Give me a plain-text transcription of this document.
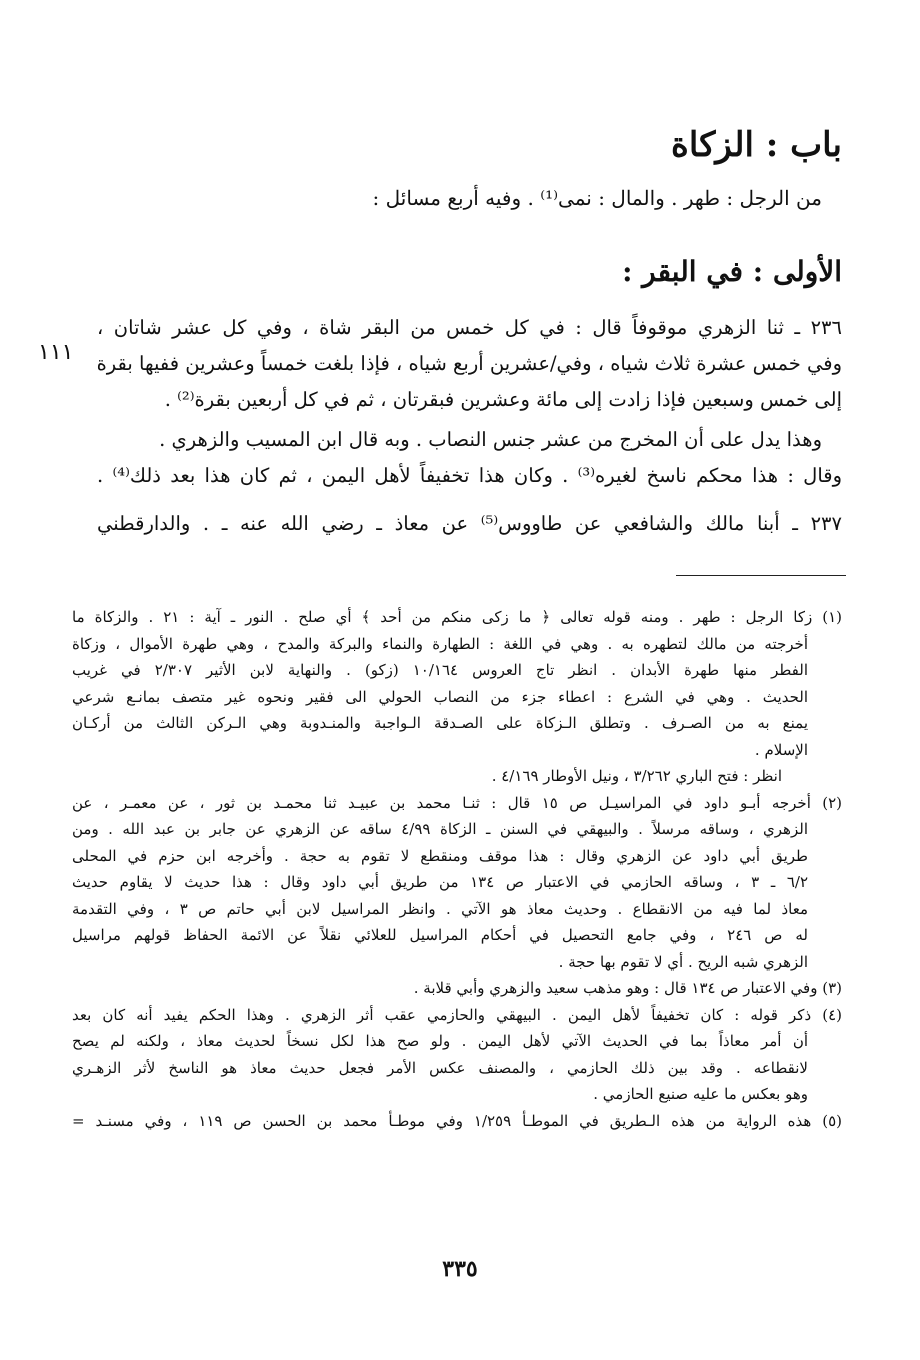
باب : الزكاة
من الرجل : طهر . والمال : نمى⁽¹⁾ . وفيه أربع مسائل :
الأولى : في البقر :
١١١
٢٣٦ ـ ثنا الزهري موقوفاً قال : في كل خمس من البقر شاة ، وفي كل عشر شاتان ،
وفي خمس عشرة ثلاث شياه ، وفي/عشرين أربع شياه ، فإذا بلغت خمساً وعشرين ففيها بقرة
إلى خمس وسبعين فإذا زادت إلى مائة وعشرين فبقرتان ، ثم في كل أربعين بقرة⁽²⁾ .
وهذا يدل على أن المخرج من عشر جنس النصاب . وبه قال ابن المسيب والزهري .
وقال : هذا محكم ناسخ لغيره⁽³⁾ . وكان هذا تخفيفاً لأهل اليمن ، ثم كان هذا بعد ذلك⁽⁴⁾ .
٢٣٧ ـ أبنا مالك والشافعي عن طاووس⁽⁵⁾ عن معاذ ـ رضي الله عنه ـ . والدارقطني
(١) زكا الرجل : طهر . ومنه قوله تعالى ﴿ ما زكى منكم من أحد ﴾ أي صلح . النور ـ آية : ٢١ . والزكاة ما
أخرجته من مالك لتطهره به . وهي في اللغة : الطهارة والنماء والبركة والمدح ، وهي طهرة الأموال ، وزكاة
الفطر منها طهرة الأبدان . انظر تاج العروس ١٠/١٦٤ (زكو) . والنهاية لابن الأثير ٢/٣٠٧ في غريب
الحديث . وهي في الشرع : اعطاء جزء من النصاب الحولي الى فقير ونحوه غير متصف بمانـع شرعي
يمنع به من الصـرف . وتطلق الـزكاة على الصـدقة الـواجبة والمنـدوبة وهي الـركن الثالث من أركـان
الإسلام .
انظر : فتح الباري ٣/٢٦٢ ، ونيل الأوطار ٤/١٦٩ .
(٢) أخرجه أبـو داود في المراسيـل ص ١٥ قال : ثنـا محمد بن عبيـد ثنا محمـد بن ثور ، عن معمـر ، عن
الزهري ، وساقه مرسلاً . والبيهقي في السنن ـ الزكاة ٤/٩٩ ساقه عن الزهري عن جابر بن عبد الله . ومن
طريق أبي داود عن الزهري وقال : هذا موقف ومنقطع لا تقوم به حجة . وأخرجه ابن حزم في المحلى
٦/٢ ـ ٣ ، وساقه الحازمي في الاعتبار ص ١٣٤ من طريق أبي داود وقال : هذا حديث لا يقاوم حديث
معاذ لما فيه من الانقطاع . وحديث معاذ هو الآتي . وانظر المراسيل لابن أبي حاتم ص ٣ ، وفي التقدمة
له ص ٢٤٦ ، وفي جامع التحصيل في أحكام المراسيل للعلائي نقلاً عن الائمة الحفاظ قولهم مراسيل
الزهري شبه الريح . أي لا تقوم بها حجة .
(٣) وفي الاعتبار ص ١٣٤ قال : وهو مذهب سعيد والزهري وأبي قلابة .
(٤) ذكر قوله : كان تخفيفاً لأهل اليمن . البيهقي والحازمي عقب أثر الزهري . وهذا الحكم يفيد أنه كان بعد
أن أمر معاذاً بما في الحديث الآتي لأهل اليمن . ولو صح هذا لكل نسخاً لحديث معاذ ، ولكنه لم يصح
لانقطاعه . وقد بين ذلك الحازمي ، والمصنف عكس الأمر فجعل حديث معاذ هو الناسخ لأثر الزهـري
وهو بعكس ما عليه صنيع الحازمي .
(٥) هذه الرواية من هذه الـطريق في الموطـأ ١/٢٥٩ وفي موطـأ محمد بن الحسن ص ١١٩ ، وفي مسنـد =
٣٣٥
